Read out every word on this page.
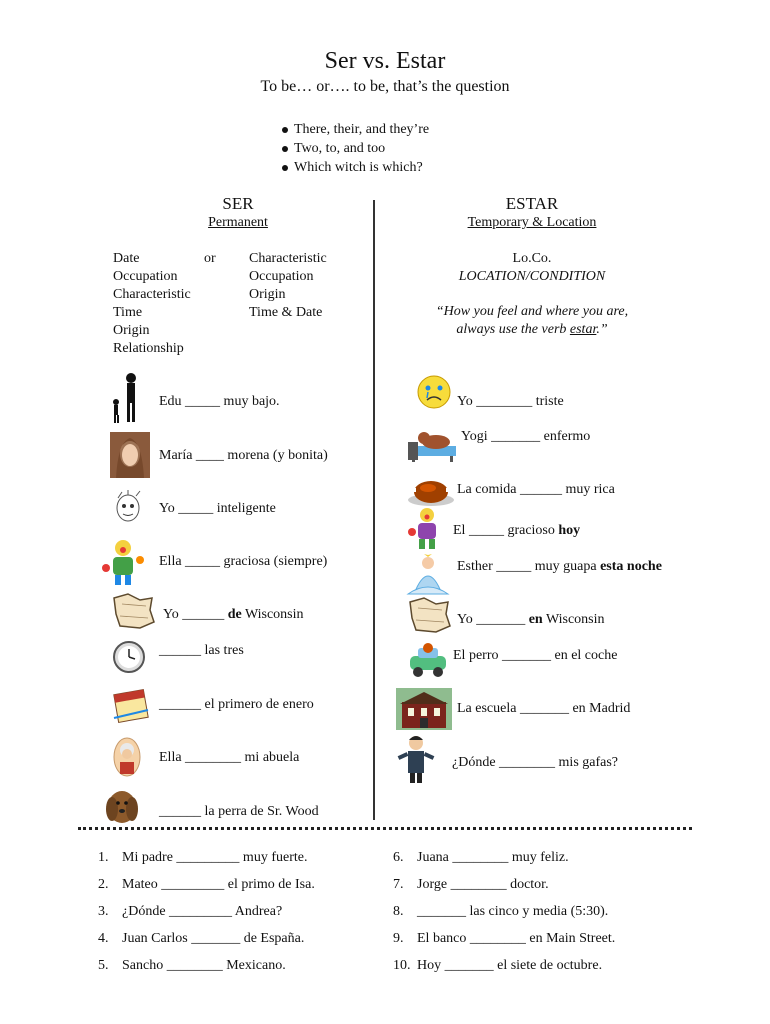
Ser vs. Estar
To be… or…. to be, that’s the question
There, their, and they’re
Two, to, and too
Which witch is which?
SER
Permanent
Date
Occupation
Characteristic
Time
Origin
Relationship
or Characteristic
Occupation
Origin
Time & Date
ESTAR
Temporary & Location
Lo.Co.
LOCATION/CONDITION
“How you feel and where you are,
always use the verb estar.”
Edu _____ muy bajo.
María ____ morena (y bonita)
Yo _____ inteligente
Ella _____ graciosa (siempre)
Yo ______ de Wisconsin
______ las tres
______ el primero de enero
Ella ________ mi abuela
______ la perra de Sr. Wood
Yo ________ triste
Yogi _______ enfermo
La comida ______ muy rica
El _____ gracioso hoy
Esther _____ muy guapa esta noche
Yo _______ en Wisconsin
El perro _______ en el coche
La escuela _______ en Madrid
¿Dónde ________ mis gafas?
1. Mi padre _________ muy fuerte.
2. Mateo _________ el primo de Isa.
3. ¿Dónde _________ Andrea?
4. Juan Carlos _______ de España.
5. Sancho ________ Mexicano.
6. Juana ________ muy feliz.
7. Jorge ________ doctor.
8. _______ las cinco y media (5:30).
9. El banco ________ en Main Street.
10. Hoy _______ el siete de octubre.
